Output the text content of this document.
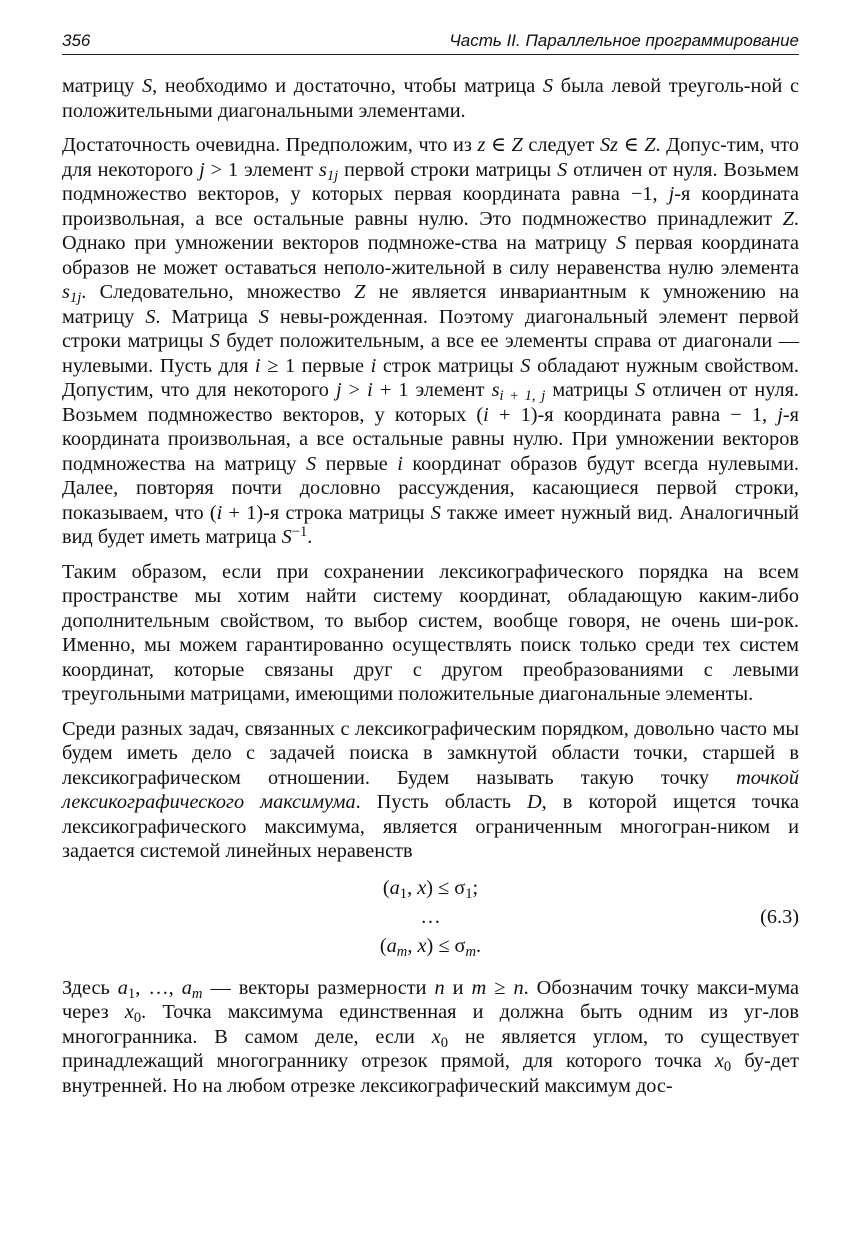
356	Часть II. Параллельное программирование

матрицу S, необходимо и достаточно, чтобы матрица S была левой треуголь-ной с положительными диагональными элементами.

Достаточность очевидна. Предположим, что из z ∈ Z следует Sz ∈ Z. Допус-тим, что для некоторого j > 1 элемент $s_{1j}$ первой строки матрицы S отличен от нуля. Возьмем подмножество векторов, у которых первая координата равна −1, j-я координата произвольная, а все остальные равны нулю. Это подмножество принадлежит Z. Однако при умножении векторов подмноже-ства на матрицу S первая координата образов не может оставаться неполо-жительной в силу неравенства нулю элемента $s_{1j}$. Следовательно, множество Z не является инвариантным к умножению на матрицу S. Матрица S невы-рожденная. Поэтому диагональный элемент первой строки матрицы S будет положительным, а все ее элементы справа от диагонали — нулевыми. Пусть для i ≥ 1 первые i строк матрицы S обладают нужным свойством. Допустим, что для некоторого j > i + 1 элемент $s_{i + 1, j}$ матрицы S отличен от нуля. Возьмем подмножество векторов, у которых (i + 1)-я координата равна − 1, j-я координата произвольная, а все остальные равны нулю. При умножении векторов подмножества на матрицу S первые i координат образов будут всегда нулевыми. Далее, повторяя почти дословно рассуждения, касающиеся первой строки, показываем, что (i + 1)-я строка матрицы S также имеет нужный вид. Аналогичный вид будет иметь матрица $S^{-1}$.

Таким образом, если при сохранении лексикографического порядка на всем пространстве мы хотим найти систему координат, обладающую каким-либо дополнительным свойством, то выбор систем, вообще говоря, не очень ши-рок. Именно, мы можем гарантированно осуществлять поиск только среди тех систем координат, которые связаны друг с другом преобразованиями с левыми треугольными матрицами, имеющими положительные диагональные элементы.

Среди разных задач, связанных с лексикографическим порядком, довольно часто мы будем иметь дело с задачей поиска в замкнутой области точки, старшей в лексикографическом отношении. Будем называть такую точку точкой лексикографического максимума. Пусть область D, в которой ищется точка лексикографического максимума, является ограниченным многогран-ником и задается системой линейных неравенств

($a_1$, $x) \le \sigma_1$;
…
($a_m$, $x) \le \sigma_m$.
(6.3)

Здесь $a_1$, …, $a_m$ — векторы размерности n и m ≥ n. Обозначим точку макси-мума через $x_0$. Точка максимума единственная и должна быть одним из уг-лов многогранника. В самом деле, если $x_0$ не является углом, то существует принадлежащий многограннику отрезок прямой, для которого точка $x_0$ бу-дет внутренней. Но на любом отрезке лексикографический максимум дос-
